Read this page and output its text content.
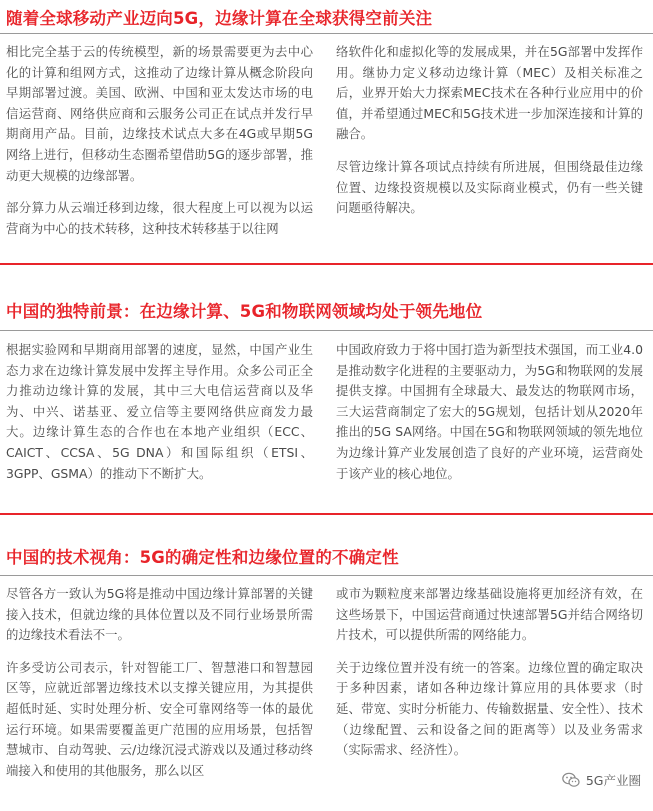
随着全球移动产业迈向5G，边缘计算在全球获得空前关注

相比完全基于云的传统模型，新的场景需要更为去中心化的计算和组网方式，这推动了边缘计算从概念阶段向早期部署过渡。美国、欧洲、中国和亚太发达市场的电信运营商、网络供应商和云服务公司正在试点并发行早期商用产品。目前，边缘技术试点大多在4G或早期5G网络上进行，但移动生态圈希望借助5G的逐步部署，推动更大规模的边缘部署。

部分算力从云端迁移到边缘，很大程度上可以视为以运营商为中心的技术转移，这种技术转移基于以往网

络软件化和虚拟化等的发展成果，并在5G部署中发挥作用。继协力定义移动边缘计算（MEC）及相关标准之后，业界开始大力探索MEC技术在各种行业应用中的价值，并希望通过MEC和5G技术进一步加深连接和计算的融合。

尽管边缘计算各项试点持续有所进展，但围绕最佳边缘位置、边缘投资规模以及实际商业模式，仍有一些关键问题亟待解决。

中国的独特前景：在边缘计算、5G和物联网领域均处于领先地位

根据实验网和早期商用部署的速度，显然，中国产业生态力求在边缘计算发展中发挥主导作用。众多公司正全力推动边缘计算的发展，其中三大电信运营商以及华为、中兴、诺基亚、爱立信等主要网络供应商发力最大。边缘计算生态的合作也在本地产业组织（ECC、CAICT、CCSA、5G DNA）和国际组织（ETSI、3GPP、GSMA）的推动下不断扩大。

中国政府致力于将中国打造为新型技术强国，而工业4.0是推动数字化进程的主要驱动力，为5G和物联网的发展提供支撑。中国拥有全球最大、最发达的物联网市场，三大运营商制定了宏大的5G规划，包括计划从2020年推出的5G SA网络。中国在5G和物联网领域的领先地位为边缘计算产业发展创造了良好的产业环境，运营商处于该产业的核心地位。

中国的技术视角：5G的确定性和边缘位置的不确定性

尽管各方一致认为5G将是推动中国边缘计算部署的关键接入技术，但就边缘的具体位置以及不同行业场景所需的边缘技术看法不一。

许多受访公司表示，针对智能工厂、智慧港口和智慧园区等，应就近部署边缘技术以支撑关键应用，为其提供超低时延、实时处理分析、安全可靠网络等一体的最优运行环境。如果需要覆盖更广范围的应用场景，包括智慧城市、自动驾驶、云/边缘沉浸式游戏以及通过移动终端接入和使用的其他服务，那么以区

或市为颗粒度来部署边缘基础设施将更加经济有效，在这些场景下，中国运营商通过快速部署5G并结合网络切片技术，可以提供所需的网络能力。

关于边缘位置并没有统一的答案。边缘位置的确定取决于多种因素，诸如各种边缘计算应用的具体要求（时延、带宽、实时分析能力、传输数据量、安全性）、技术（边缘配置、云和设备之间的距离等）以及业务需求（实际需求、经济性）。

5G产业圈
